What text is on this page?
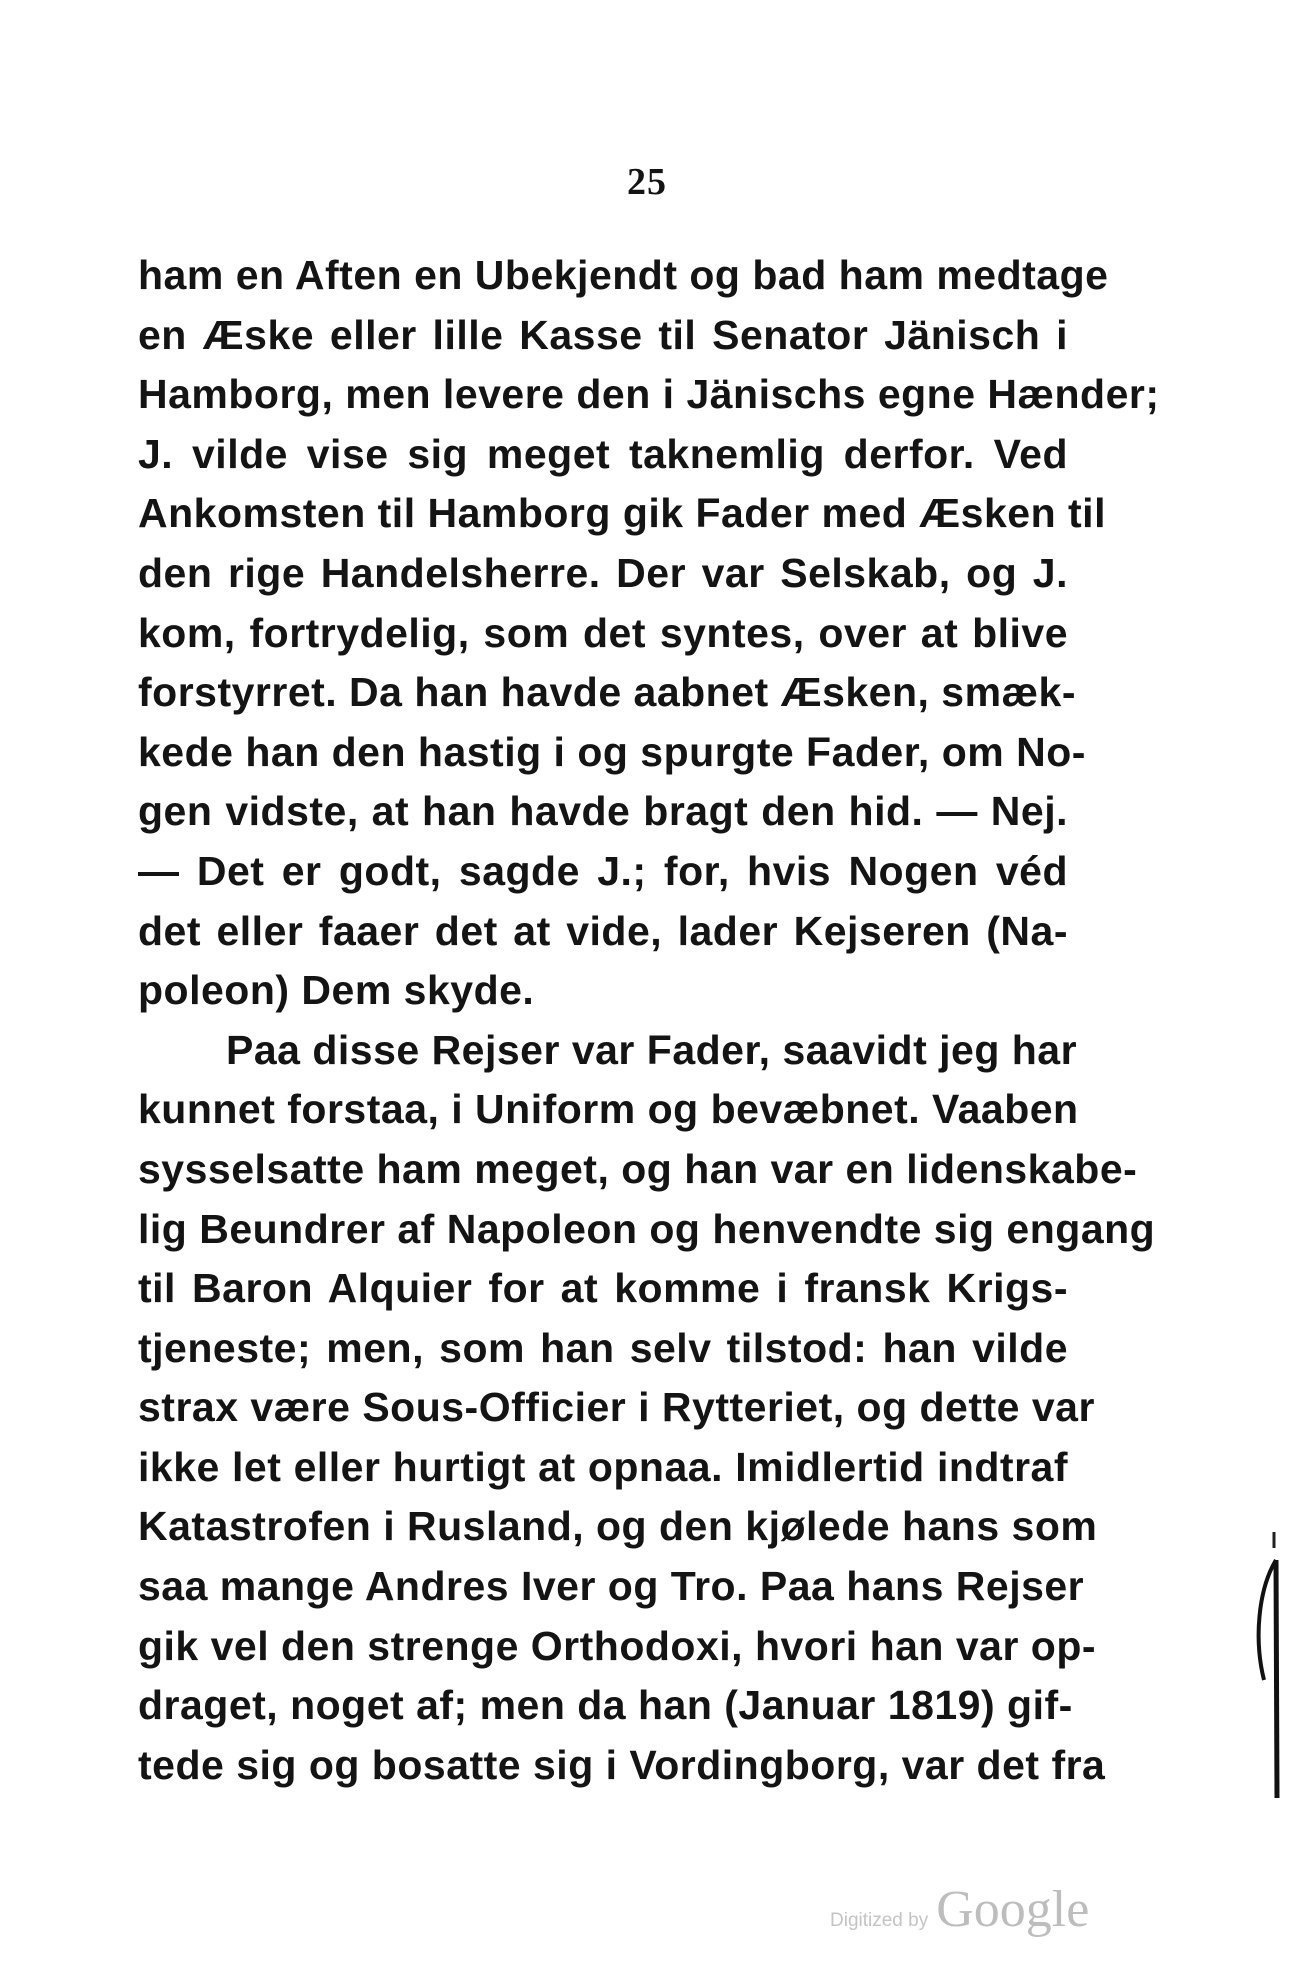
25
ham en Aften en Ubekjendt og bad ham medtage
en Æske eller lille Kasse til Senator Jänisch i
Hamborg, men levere den i Jänischs egne Hænder;
J. vilde vise sig meget taknemlig derfor. Ved
Ankomsten til Hamborg gik Fader med Æsken til
den rige Handelsherre. Der var Selskab, og J.
kom, fortrydelig, som det syntes, over at blive
forstyrret. Da han havde aabnet Æsken, smæk-
kede han den hastig i og spurgte Fader, om No-
gen vidste, at han havde bragt den hid. — Nej.
— Det er godt, sagde J.; for, hvis Nogen véd
det eller faaer det at vide, lader Kejseren (Na-
poleon) Dem skyde.
Paa disse Rejser var Fader, saavidt jeg har
kunnet forstaa, i Uniform og bevæbnet. Vaaben
sysselsatte ham meget, og han var en lidenskabe-
lig Beundrer af Napoleon og henvendte sig engang
til Baron Alquier for at komme i fransk Krigs-
tjeneste; men, som han selv tilstod: han vilde
strax være Sous-Officier i Rytteriet, og dette var
ikke let eller hurtigt at opnaa. Imidlertid indtraf
Katastrofen i Rusland, og den kjølede hans som
saa mange Andres Iver og Tro. Paa hans Rejser
gik vel den strenge Orthodoxi, hvori han var op-
draget, noget af; men da han (Januar 1819) gif-
tede sig og bosatte sig i Vordingborg, var det fra
Digitized by Google
